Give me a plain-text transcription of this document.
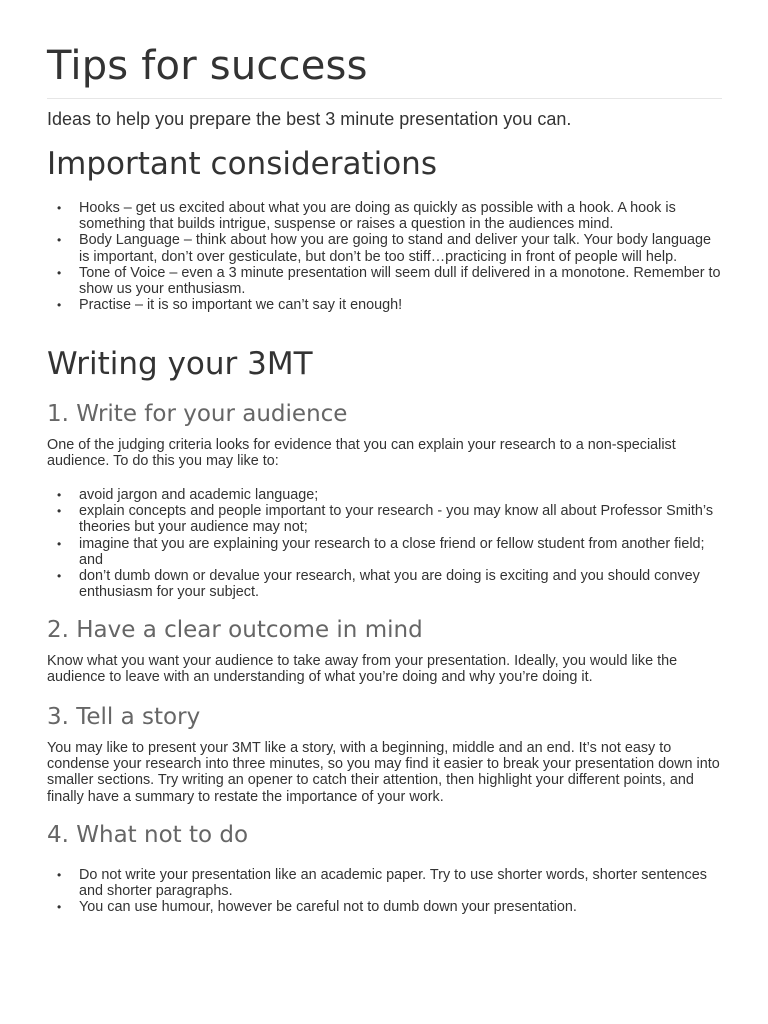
Tips for success

Ideas to help you prepare the best 3 minute presentation you can.

Important considerations
• Hooks – get us excited about what you are doing as quickly as possible with a hook. A hook is something that builds intrigue, suspense or raises a question in the audiences mind.
• Body Language – think about how you are going to stand and deliver your talk. Your body language is important, don’t over gesticulate, but don’t be too stiff…practicing in front of people will help.
• Tone of Voice – even a 3 minute presentation will seem dull if delivered in a monotone. Remember to show us your enthusiasm.
• Practise – it is so important we can’t say it enough!
Writing your 3MT
1. Write for your audience

One of the judging criteria looks for evidence that you can explain your research to a non-specialist audience. To do this you may like to:

• avoid jargon and academic language;
• explain concepts and people important to your research - you may know all about Professor Smith’s theories but your audience may not;
• imagine that you are explaining your research to a close friend or fellow student from another field; and
• don’t dumb down or devalue your research, what you are doing is exciting and you should convey enthusiasm for your subject.
2. Have a clear outcome in mind

Know what you want your audience to take away from your presentation. Ideally, you would like the audience to leave with an understanding of what you’re doing and why you’re doing it.

3. Tell a story

You may like to present your 3MT like a story, with a beginning, middle and an end. It’s not easy to condense your research into three minutes, so you may find it easier to break your presentation down into smaller sections. Try writing an opener to catch their attention, then highlight your different points, and finally have a summary to restate the importance of your work.

4. What not to do
• Do not write your presentation like an academic paper. Try to use shorter words, shorter sentences and shorter paragraphs.
• You can use humour, however be careful not to dumb down your presentation.
